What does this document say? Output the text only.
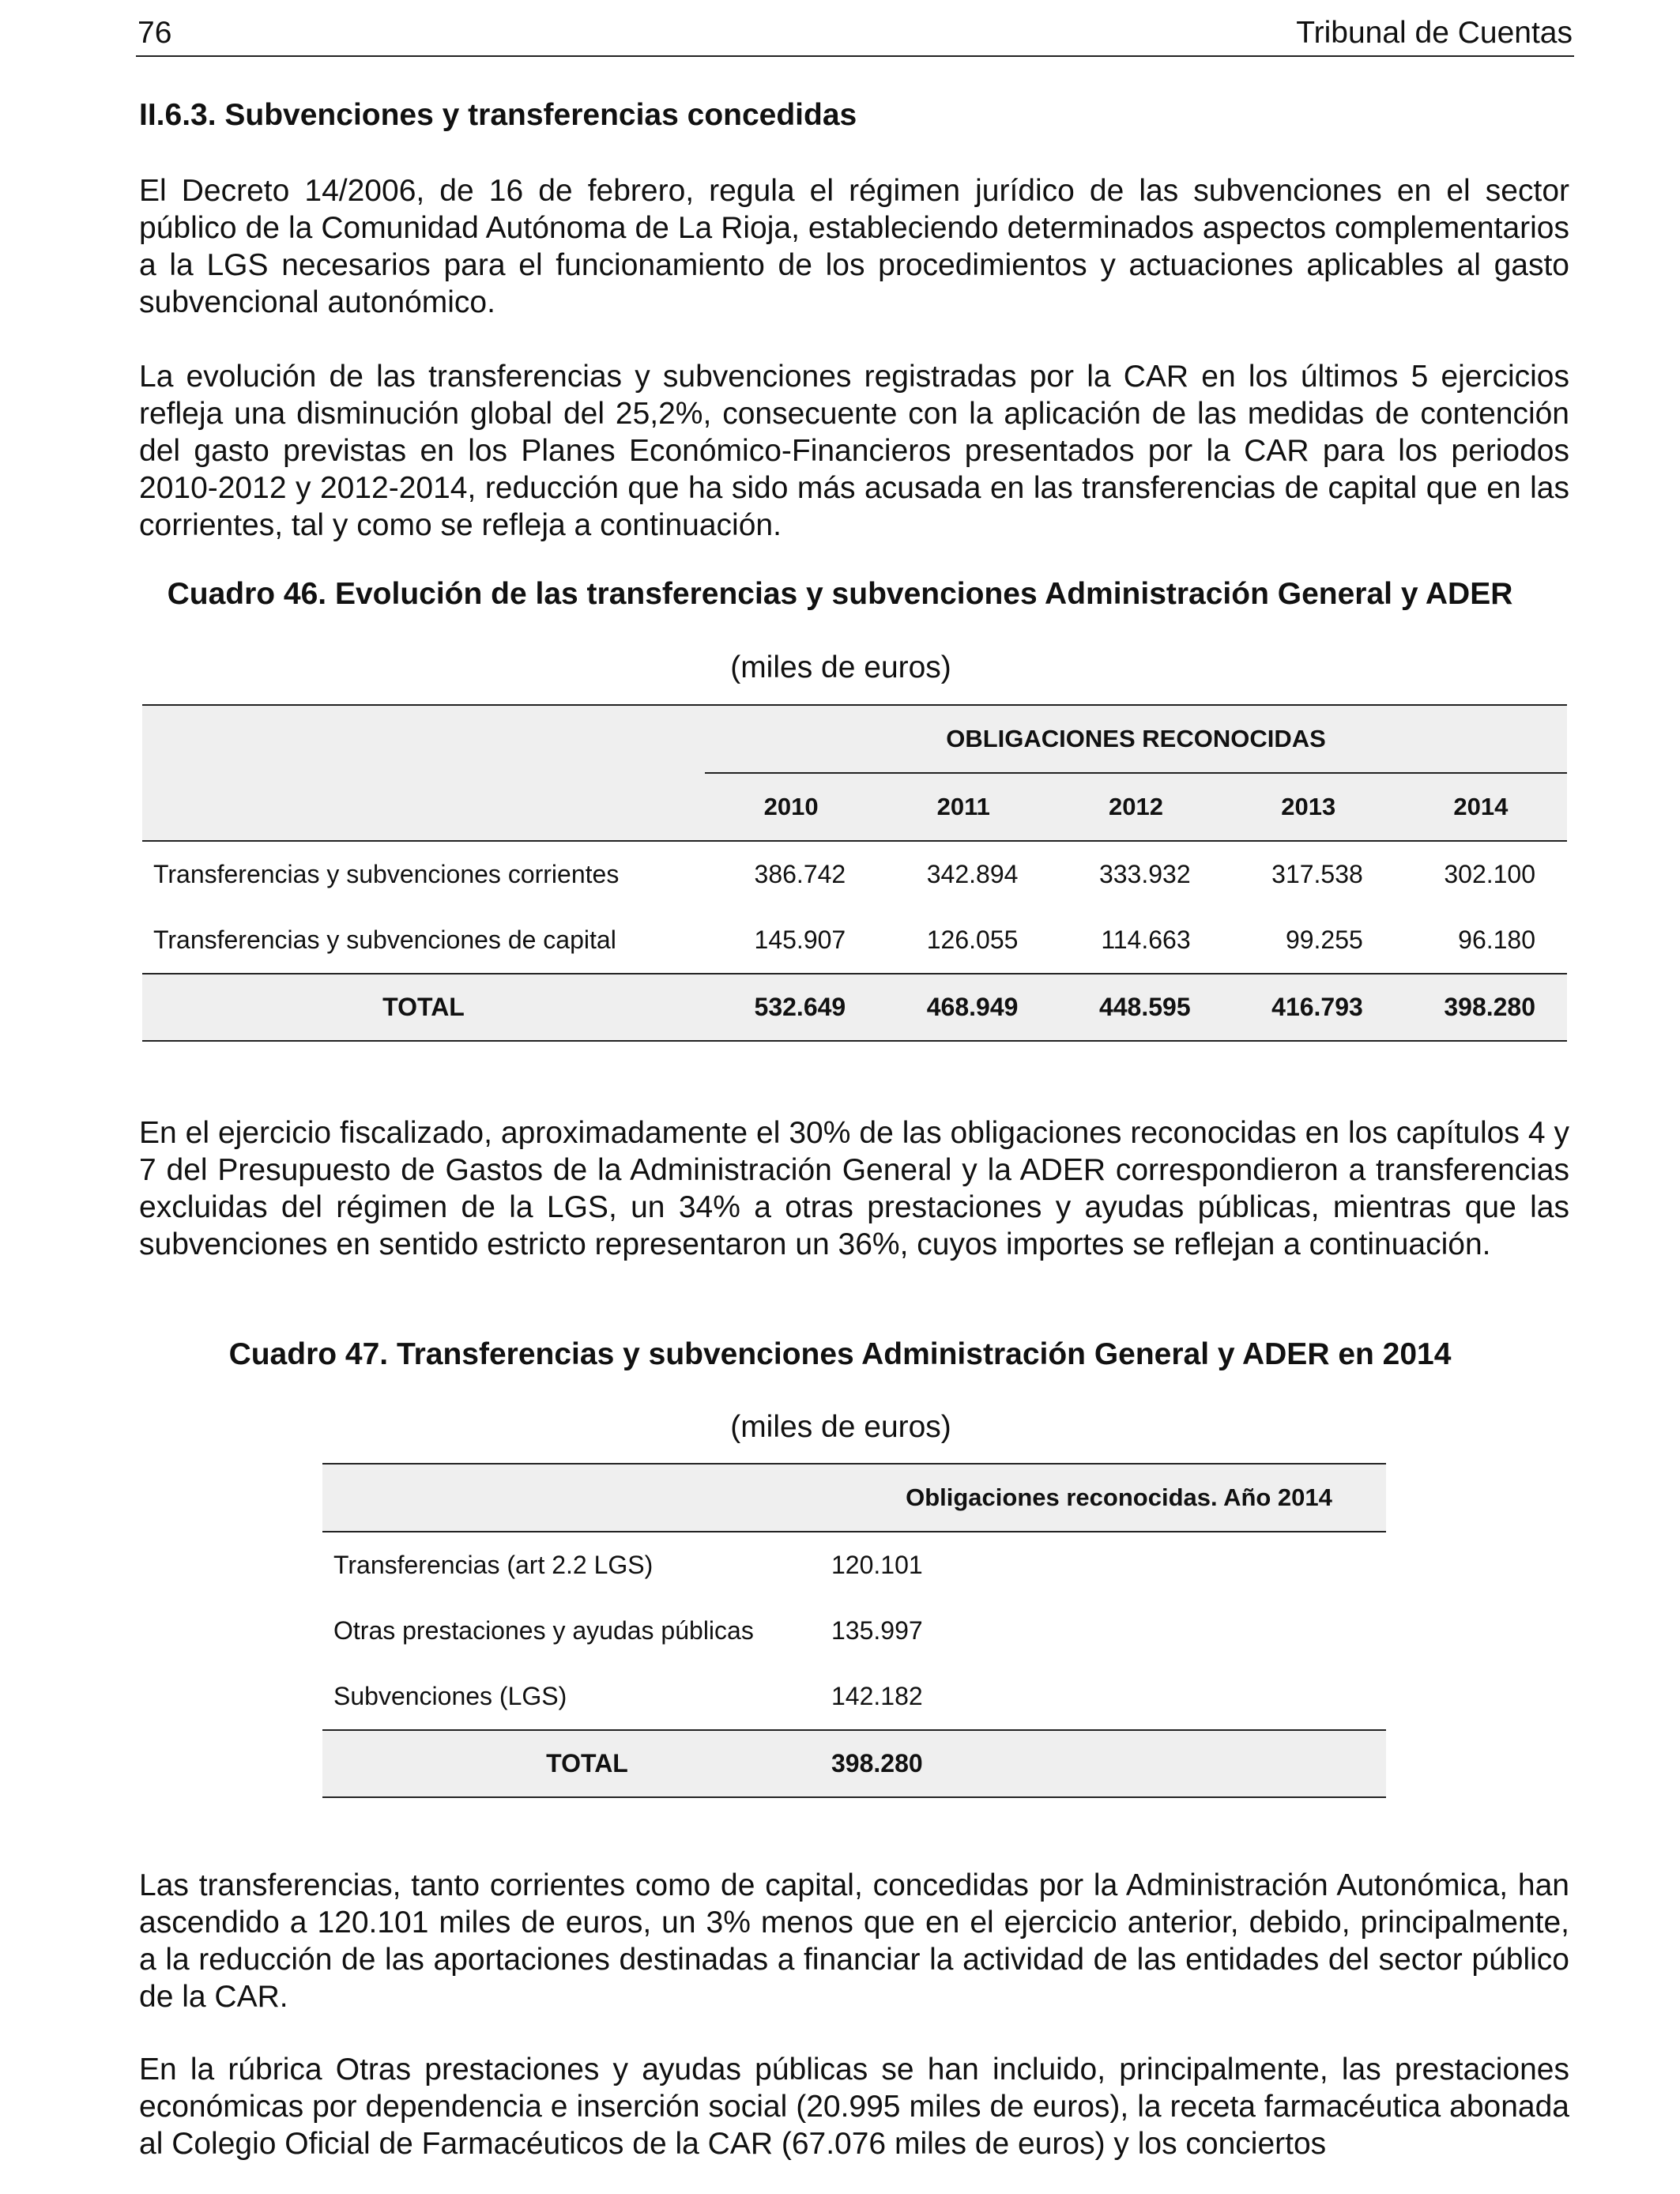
76	Tribunal de Cuentas
II.6.3. Subvenciones y transferencias concedidas

El Decreto 14/2006, de 16 de febrero, regula el régimen jurídico de las subvenciones en el sector público de la Comunidad Autónoma de La Rioja, estableciendo determinados aspectos complementarios a la LGS necesarios para el funcionamiento de los procedimientos y actuaciones aplicables al gasto subvencional autonómico.

La evolución de las transferencias y subvenciones registradas por la CAR en los últimos 5 ejercicios refleja una disminución global del 25,2%, consecuente con la aplicación de las medidas de contención del gasto previstas en los Planes Económico-Financieros presentados por la CAR para los periodos 2010-2012 y 2012-2014, reducción que ha sido más acusada en las transferencias de capital que en las corrientes, tal y como se refleja a continuación.

Cuadro 46. Evolución de las transferencias y subvenciones Administración General y ADER
(miles de euros)
OBLIGACIONES RECONOCIDAS
2010	2011	2012	2013	2014
Transferencias y subvenciones corrientes	386.742	342.894	333.932	317.538	302.100
Transferencias y subvenciones de capital	145.907	126.055	114.663	99.255	96.180
TOTAL	532.649	468.949	448.595	416.793	398.280

En el ejercicio fiscalizado, aproximadamente el 30% de las obligaciones reconocidas en los capítulos 4 y 7 del Presupuesto de Gastos de la Administración General y la ADER correspondieron a transferencias excluidas del régimen de la LGS, un 34% a otras prestaciones y ayudas públicas, mientras que las subvenciones en sentido estricto representaron un 36%, cuyos importes se reflejan a continuación.

Cuadro 47. Transferencias y subvenciones Administración General y ADER en 2014
(miles de euros)
Obligaciones reconocidas. Año 2014
Transferencias (art 2.2 LGS)	120.101
Otras prestaciones y ayudas públicas	135.997
Subvenciones (LGS)	142.182
TOTAL	398.280

Las transferencias, tanto corrientes como de capital, concedidas por la Administración Autonómica, han ascendido a 120.101 miles de euros, un 3% menos que en el ejercicio anterior, debido, principalmente, a la reducción de las aportaciones destinadas a financiar la actividad de las entidades del sector público de la CAR.

En la rúbrica Otras prestaciones y ayudas públicas se han incluido, principalmente, las prestaciones económicas por dependencia e inserción social (20.995 miles de euros), la receta farmacéutica abonada al Colegio Oficial de Farmacéuticos de la CAR (67.076 miles de euros) y los conciertos
